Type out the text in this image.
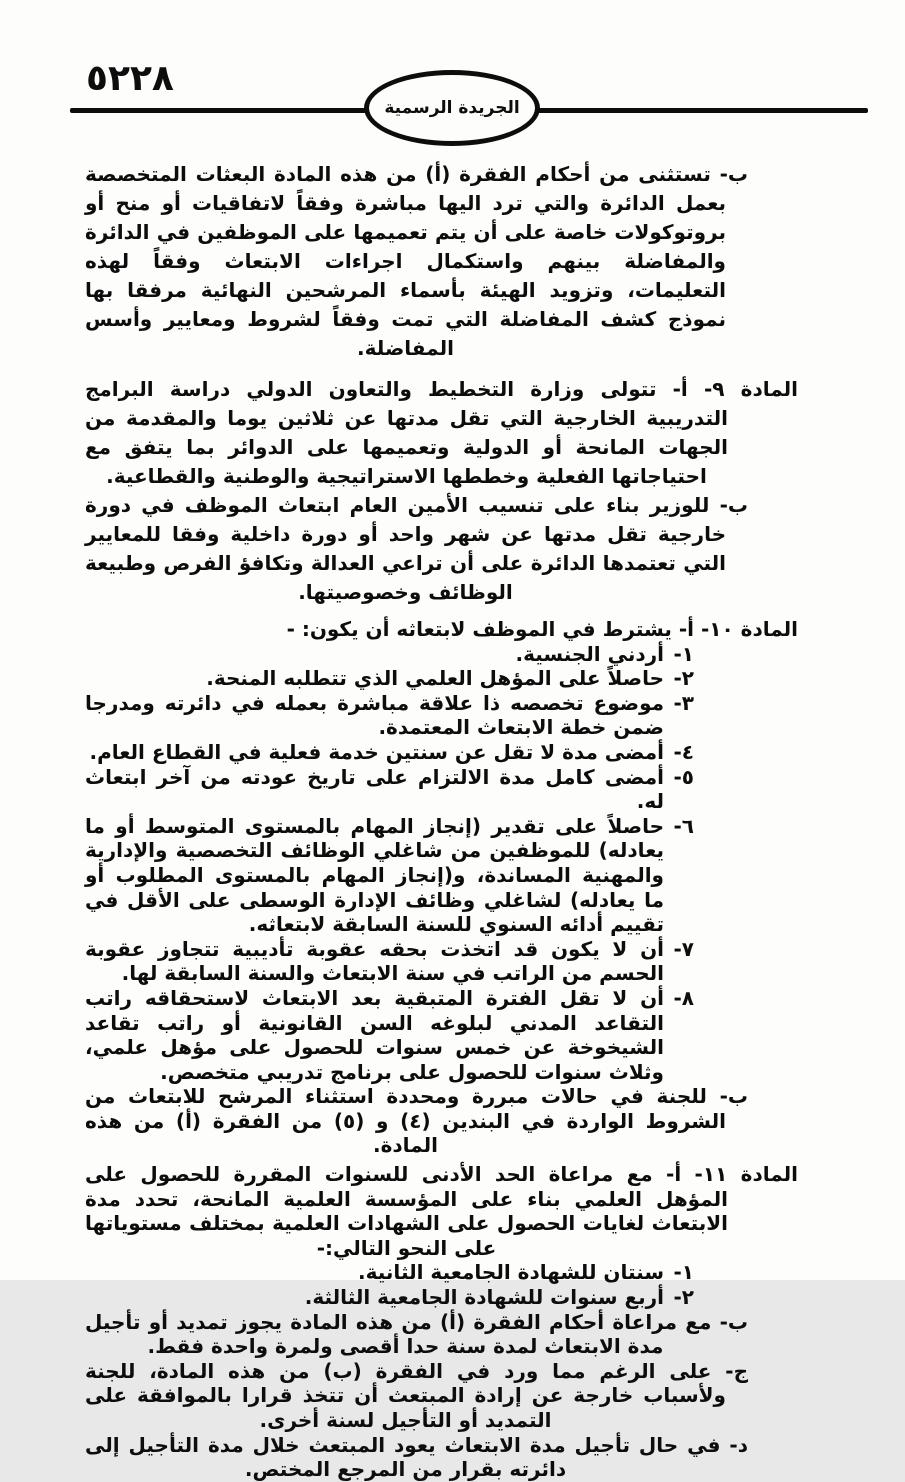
٥٢٢٨
الجريدة الرسمية

ب- تستثنى من أحكام الفقرة (أ) من هذه المادة البعثات المتخصصة بعمل الدائرة والتي ترد اليها مباشرة وفقاً لاتفاقيات أو منح أو بروتوكولات خاصة على أن يتم تعميمها على الموظفين في الدائرة والمفاضلة بينهم واستكمال اجراءات الابتعاث وفقاً لهذه التعليمات، وتزويد الهيئة بأسماء المرشحين النهائية مرفقا بها نموذج كشف المفاضلة التي تمت وفقاً لشروط ومعايير وأسس المفاضلة.

المادة ٩- أ- تتولى وزارة التخطيط والتعاون الدولي دراسة البرامج التدريبية الخارجية التي تقل مدتها عن ثلاثين يوما والمقدمة من الجهات المانحة أو الدولية وتعميمها على الدوائر بما يتفق مع احتياجاتها الفعلية وخططها الاستراتيجية والوطنية والقطاعية.

ب- للوزير بناء على تنسيب الأمين العام ابتعاث الموظف في دورة خارجية تقل مدتها عن شهر واحد أو دورة داخلية وفقا للمعايير التي تعتمدها الدائرة على أن تراعي العدالة وتكافؤ الفرص وطبيعة الوظائف وخصوصيتها.

المادة ١٠- أ- يشترط في الموظف لابتعاثه أن يكون: -

١-
أردني الجنسية.
٢-
حاصلاً على المؤهل العلمي الذي تتطلبه المنحة.
٣-
موضوع تخصصه ذا علاقة مباشرة بعمله في دائرته ومدرجا ضمن خطة الابتعاث المعتمدة.
٤-
أمضى مدة لا تقل عن سنتين خدمة فعلية في القطاع العام.
٥-
أمضى كامل مدة الالتزام على تاريخ عودته من آخر ابتعاث له.
٦-
حاصلاً على تقدير (إنجاز المهام بالمستوى المتوسط أو ما يعادله) للموظفين من شاغلي الوظائف التخصصية والإدارية والمهنية المساندة، و(إنجاز المهام بالمستوى المطلوب أو ما يعادله) لشاغلي وظائف الإدارة الوسطى على الأقل في تقييم أدائه السنوي للسنة السابقة لابتعاثه.
٧-
أن لا يكون قد اتخذت بحقه عقوبة تأديبية تتجاوز عقوبة الحسم من الراتب في سنة الابتعاث والسنة السابقة لها.
٨-
أن لا تقل الفترة المتبقية بعد الابتعاث لاستحقاقه راتب التقاعد المدني لبلوغه السن القانونية أو راتب تقاعد الشيخوخة عن خمس سنوات للحصول على مؤهل علمي، وثلاث سنوات للحصول على برنامج تدريبي متخصص.

ب- للجنة في حالات مبررة ومحددة استثناء المرشح للابتعاث من الشروط الواردة في البندين (٤) و (٥) من الفقرة (أ) من هذه المادة.

المادة ١١- أ- مع مراعاة الحد الأدنى للسنوات المقررة للحصول على المؤهل العلمي بناء على المؤسسة العلمية المانحة، تحدد مدة الابتعاث لغايات الحصول على الشهادات العلمية بمختلف مستوياتها على النحو التالي:-

١-
سنتان للشهادة الجامعية الثانية.
٢-
أربع سنوات للشهادة الجامعية الثالثة.

ب- مع مراعاة أحكام الفقرة (أ) من هذه المادة يجوز تمديد أو تأجيل مدة الابتعاث لمدة سنة حدا أقصى ولمرة واحدة فقط.

ج- على الرغم مما ورد في الفقرة (ب) من هذه المادة، للجنة ولأسباب خارجة عن إرادة المبتعث أن تتخذ قرارا بالموافقة على التمديد أو التأجيل لسنة أخرى.

د- في حال تأجيل مدة الابتعاث يعود المبتعث خلال مدة التأجيل إلى دائرته بقرار من المرجع المختص.
